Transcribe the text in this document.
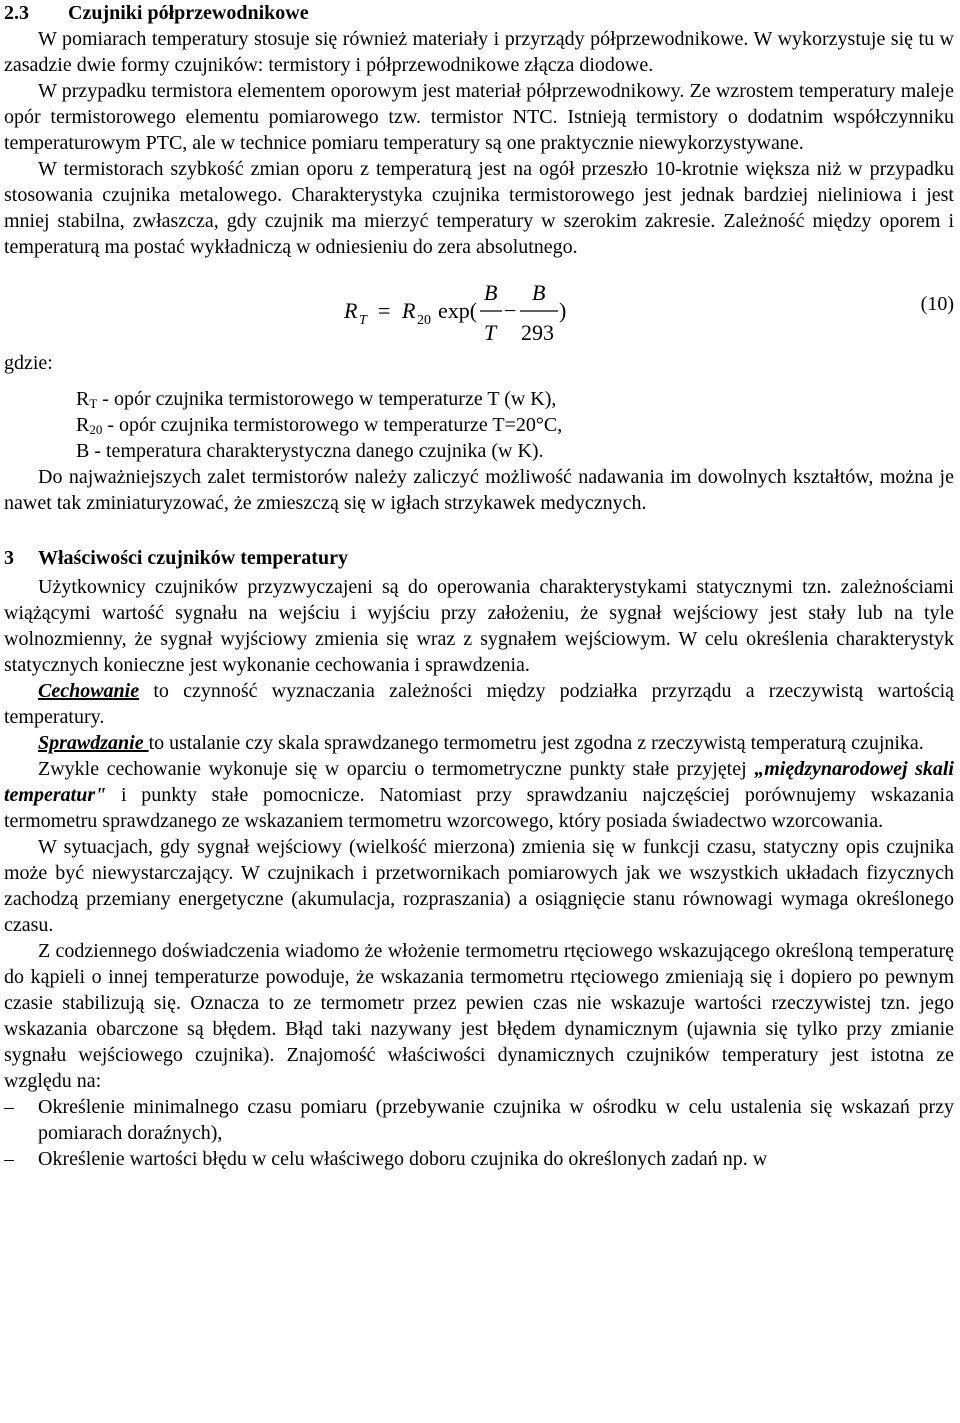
2.3 Czujniki półprzewodnikowe

W pomiarach temperatury stosuje się również materiały i przyrządy półprzewodnikowe. W wykorzystuje się tu w zasadzie dwie formy czujników: termistory i półprzewodnikowe złącza diodowe.

W przypadku termistora elementem oporowym jest materiał półprzewodnikowy. Ze wzrostem temperatury maleje opór termistorowego elementu pomiarowego tzw. termistor NTC. Istnieją termistory o dodatnim współczynniku temperaturowym PTC, ale w technice pomiaru temperatury są one praktycznie niewykorzystywane.

W termistorach szybkość zmian oporu z temperaturą jest na ogół przeszło 10-krotnie większa niż w przypadku stosowania czujnika metalowego. Charakterystyka czujnika termistorowego jest jednak bardziej nieliniowa i jest mniej stabilna, zwłaszcza, gdy czujnik ma mierzyć temperatury w szerokim zakresie. Zależność między oporem i temperaturą ma postać wykładniczą w odniesieniu do zera absolutnego.

R T = R 20 exp(
B
T
−
B
293
)	(10)

gdzie:

$R_T$ - opór czujnika termistorowego w temperaturze T (w K),

$R_{20}$ - opór czujnika termistorowego w temperaturze T=20°C,

B - temperatura charakterystyczna danego czujnika (w K).

Do najważniejszych zalet termistorów należy zaliczyć możliwość nadawania im dowolnych kształtów, można je nawet tak zminiaturyzować, że zmieszczą się w igłach strzykawek medycznych.

3 Właściwości czujników temperatury

Użytkownicy czujników przyzwyczajeni są do operowania charakterystykami statycznymi tzn. zależnościami wiążącymi wartość sygnału na wejściu i wyjściu przy założeniu, że sygnał wejściowy jest stały lub na tyle wolnozmienny, że sygnał wyjściowy zmienia się wraz z sygnałem wejściowym. W celu określenia charakterystyk statycznych konieczne jest wykonanie cechowania i sprawdzenia.

Cechowanie to czynność wyznaczania zależności między podziałka przyrządu a rzeczywistą wartością temperatury.

Sprawdzanie to ustalanie czy skala sprawdzanego termometru jest zgodna z rzeczywistą temperaturą czujnika.

Zwykle cechowanie wykonuje się w oparciu o termometryczne punkty stałe przyjętej „międzynarodowej skali temperatur" i punkty stałe pomocnicze. Natomiast przy sprawdzaniu najczęściej porównujemy wskazania termometru sprawdzanego ze wskazaniem termometru wzorcowego, który posiada świadectwo wzorcowania.

W sytuacjach, gdy sygnał wejściowy (wielkość mierzona) zmienia się w funkcji czasu, statyczny opis czujnika może być niewystarczający. W czujnikach i przetwornikach pomiarowych jak we wszystkich układach fizycznych zachodzą przemiany energetyczne (akumulacja, rozpraszania) a osiągnięcie stanu równowagi wymaga określonego czasu.

Z codziennego doświadczenia wiadomo że włożenie termometru rtęciowego wskazującego określoną temperaturę do kąpieli o innej temperaturze powoduje, że wskazania termometru rtęciowego zmieniają się i dopiero po pewnym czasie stabilizują się. Oznacza to ze termometr przez pewien czas nie wskazuje wartości rzeczywistej tzn. jego wskazania obarczone są błędem. Błąd taki nazywany jest błędem dynamicznym (ujawnia się tylko przy zmianie sygnału wejściowego czujnika). Znajomość właściwości dynamicznych czujników temperatury jest istotna ze względu na:

– Określenie minimalnego czasu pomiaru (przebywanie czujnika w ośrodku w celu ustalenia się wskazań przy pomiarach doraźnych),

– Określenie wartości błędu w celu właściwego doboru czujnika do określonych zadań np. w
